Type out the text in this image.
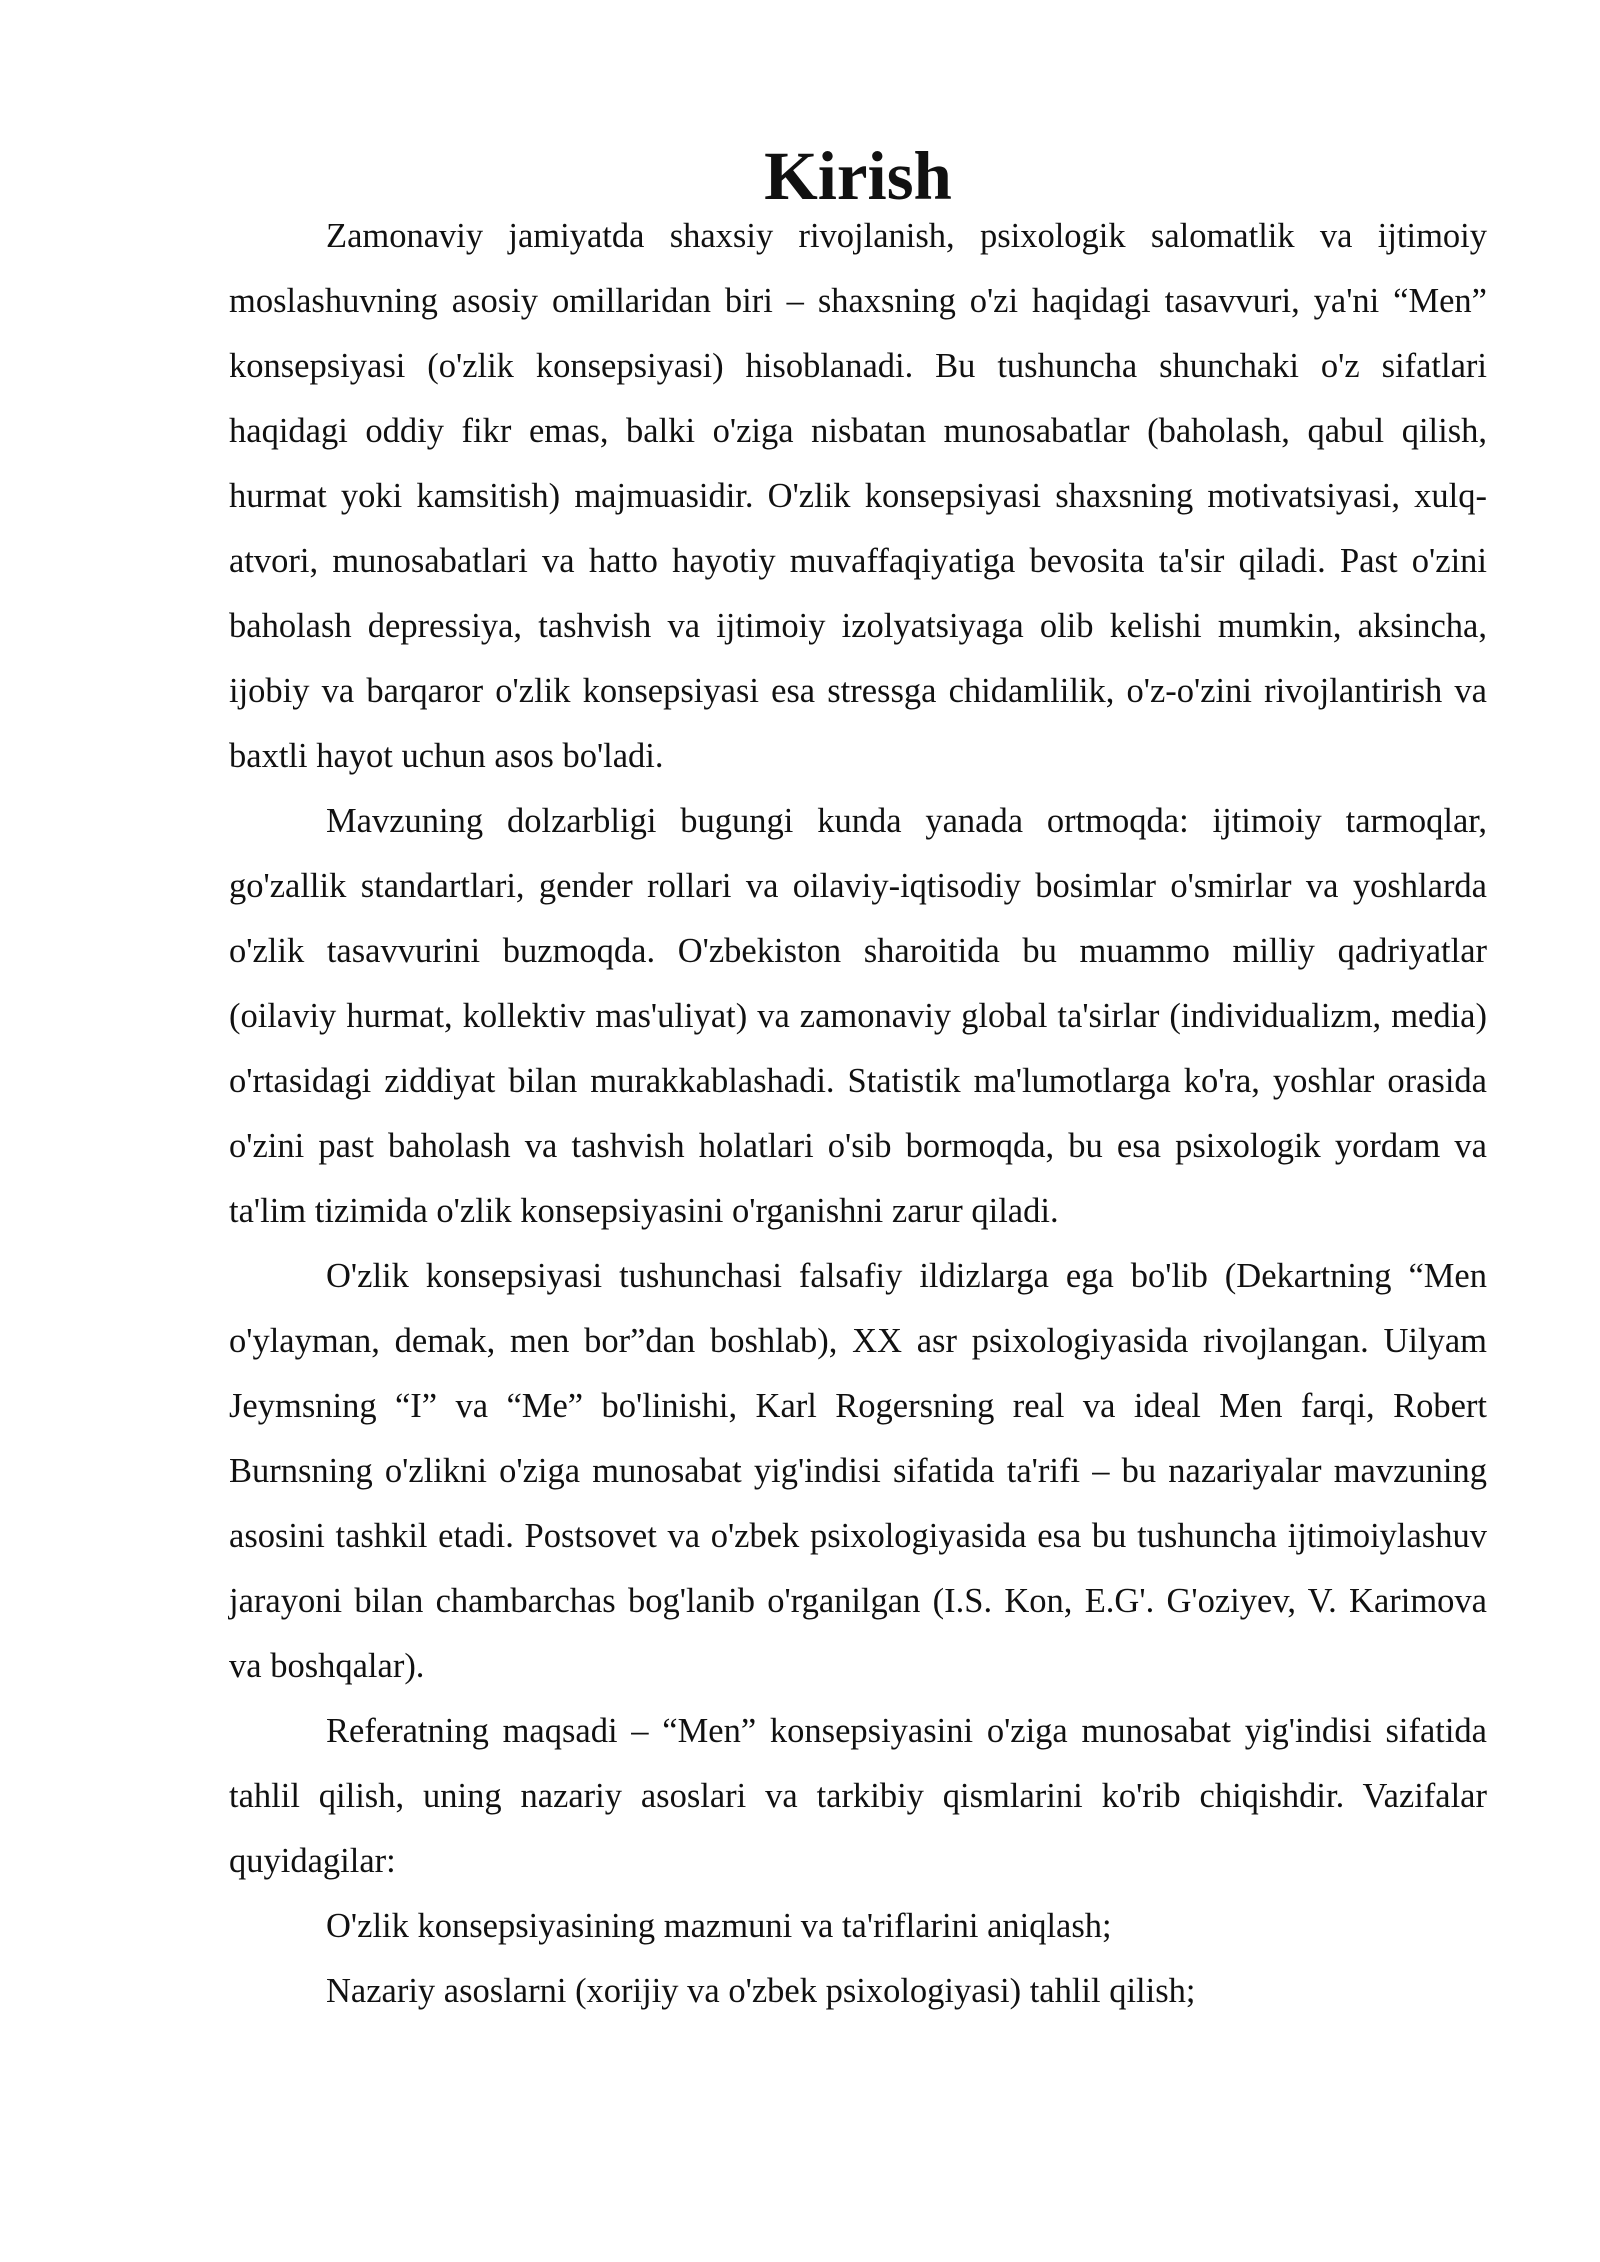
Kirish

Zamonaviy jamiyatda shaxsiy rivojlanish, psixologik salomatlik va ijtimoiy moslashuvning asosiy omillaridan biri – shaxsning o'zi haqidagi tasavvuri, ya'ni “Men” konsepsiyasi (o'zlik konsepsiyasi) hisoblanadi. Bu tushuncha shunchaki o'z sifatlari haqidagi oddiy fikr emas, balki o'ziga nisbatan munosabatlar (baholash, qabul qilish, hurmat yoki kamsitish) majmuasidir. O'zlik konsepsiyasi shaxsning motivatsiyasi, xulq-atvori, munosabatlari va hatto hayotiy muvaffaqiyatiga bevosita ta'sir qiladi. Past o'zini baholash depressiya, tashvish va ijtimoiy izolyatsiyaga olib kelishi mumkin, aksincha, ijobiy va barqaror o'zlik konsepsiyasi esa stressga chidamlilik, o'z-o'zini rivojlantirish va baxtli hayot uchun asos bo'ladi.

Mavzuning dolzarbligi bugungi kunda yanada ortmoqda: ijtimoiy tarmoqlar, go'zallik standartlari, gender rollari va oilaviy-iqtisodiy bosimlar o'smirlar va yoshlarda o'zlik tasavvurini buzmoqda. O'zbekiston sharoitida bu muammo milliy qadriyatlar (oilaviy hurmat, kollektiv mas'uliyat) va zamonaviy global ta'sirlar (individualizm, media) o'rtasidagi ziddiyat bilan murakkablashadi. Statistik ma'lumotlarga ko'ra, yoshlar orasida o'zini past baholash va tashvish holatlari o'sib bormoqda, bu esa psixologik yordam va ta'lim tizimida o'zlik konsepsiyasini o'rganishni zarur qiladi.

O'zlik konsepsiyasi tushunchasi falsafiy ildizlarga ega bo'lib (Dekartning “Men o'ylayman, demak, men bor”dan boshlab), XX asr psixologiyasida rivojlangan. Uilyam Jeymsning “I” va “Me” bo'linishi, Karl Rogersning real va ideal Men farqi, Robert Burnsning o'zlikni o'ziga munosabat yig'indisi sifatida ta'rifi – bu nazariyalar mavzuning asosini tashkil etadi. Postsovet va o'zbek psixologiyasida esa bu tushuncha ijtimoiylashuv jarayoni bilan chambarchas bog'lanib o'rganilgan (I.S. Kon, E.G'. G'oziyev, V. Karimova va boshqalar).

Referatning maqsadi – “Men” konsepsiyasini o'ziga munosabat yig'indisi sifatida tahlil qilish, uning nazariy asoslari va tarkibiy qismlarini ko'rib chiqishdir. Vazifalar quyidagilar:

O'zlik konsepsiyasining mazmuni va ta'riflarini aniqlash;

Nazariy asoslarni (xorijiy va o'zbek psixologiyasi) tahlil qilish;
